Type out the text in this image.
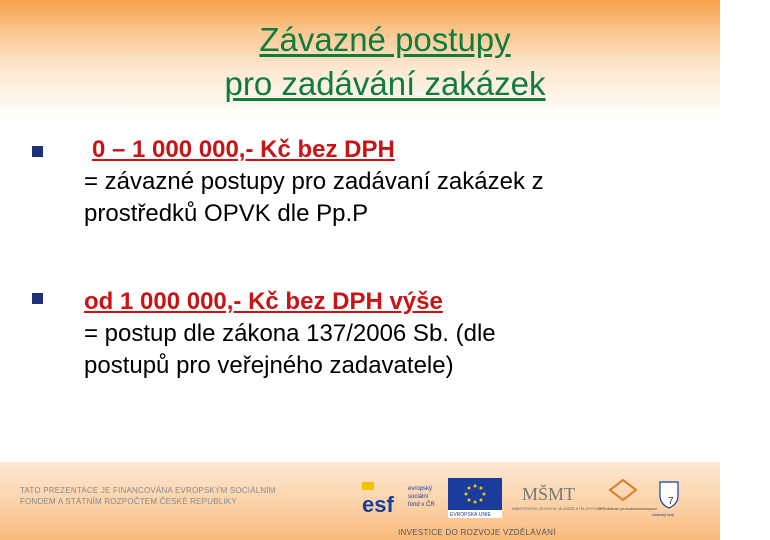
Závazné postupy
pro zadávání zakázek
0 – 1 000 000,- Kč bez DPH
= závazné postupy pro zadávaní zakázek z
prostředků OPVK dle Pp.P
od 1 000 000,- Kč bez DPH výše
= postup dle zákona 137/2006 Sb. (dle
postupů pro veřejného zadavatele)
TATO PREZENTACE JE FINANCOVÁNA EVROPSKÝM SOCIÁLNÍM
FONDEM A STÁTNÍM ROZPOČTEM ČESKÉ REPUBLIKY	esf
evropský
sociální
fond v ČR
EVROPSKÁ UNIE
MŠMT
MINISTERSTVO ŠKOLSTVÍ, MLÁDEŽE A TĚLOVÝCHOVY
OP Vzdělávání pro konkurenceschopnost
Ústecký kraj
7
INVESTICE DO ROZVOJE VZDĚLÁVÁNÍ
